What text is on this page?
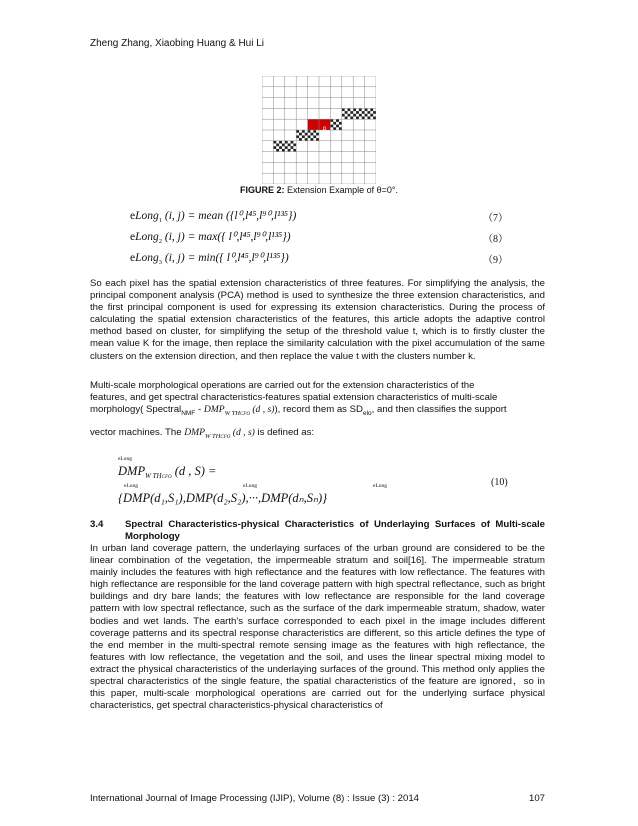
Zheng Zhang, Xiaobing Huang & Hui Li
p
FIGURE 2: Extension Example of θ=0°.
eLong$_1$ (i, j) = mean ({l⁰,l⁴⁵,l⁹⁰,l¹³⁵})	（7）
eLong$_2$ (i, j) = max({ l⁰,l⁴⁵,l⁹⁰,l¹³⁵})	（8）
eLong$_3$ (i, j) = min({ l⁰,l⁴⁵,l⁹⁰,l¹³⁵})	（9）

So each pixel has the spatial extension characteristics of three features. For simplifying the analysis, the principal component analysis (PCA) method is used to synthesize the three extension characteristics, and the first principal component is used for expressing its extension characteristics. During the process of calculating the spatial extension characteristics of the features, this article adopts the adaptive control method based on cluster, for simplifying the setup of the threshold value t, which is to firstly cluster the mean value K for the image, then replace the similarity calculation with the pixel accumulation of the same clusters on the extension direction, and then replace the value t with the clusters number k.

Multi-scale morphological operations are carried out for the extension characteristics of the

features, and get spectral characteristics-features spatial extension characteristics of multi-scale

morphology( Spectral$_{NMF}$ - $DMP_{W THCFO}$ (d , s)), record them as $SD_{elo}$, and then classifies the support

vector machines. The $DMP_{W THCFO}$ (d , s) is defined as:

eLong
$DMP_{W THCFO}$ (d , S) =
eLong	eLong	eLong
{DMP(d₁,S₁),DMP(d₂,S₂),···,DMP(dₙ,Sₙ)}
(10)
3.4 Spectral Characteristics-physical Characteristics of Underlaying Surfaces of Multi-scale Morphology

In urban land coverage pattern, the underlaying surfaces of the urban ground are considered to be the linear combination of the vegetation, the impermeable stratum and soil[16]. The impermeable stratum mainly includes the features with high reflectance and the features with low reflectance. The features with high reflectance are responsible for the land coverage pattern with high spectral reflectance, such as bright buildings and dry bare lands; the features with low reflectance are responsible for the land coverage pattern with low spectral reflectance, such as the surface of the dark impermeable stratum, shadow, water bodies and wet lands. The earth's surface corresponded to each pixel in the image includes different coverage patterns and its spectral response characteristics are different, so this article defines the type of the end member in the multi-spectral remote sensing image as the features with high reflectance, the features with low reflectance, the vegetation and the soil, and uses the linear spectral mixing model to extract the physical characteristics of the underlaying surfaces of the ground. This method only applies the spectral characteristics of the single feature, the spatial characteristics of the feature are ignored，so in this paper, multi-scale morphological operations are carried out for the underlying surface physical characteristics, get spectral characteristics-physical characteristics of

International Journal of Image Processing (IJIP), Volume (8) : Issue (3) : 2014	107
